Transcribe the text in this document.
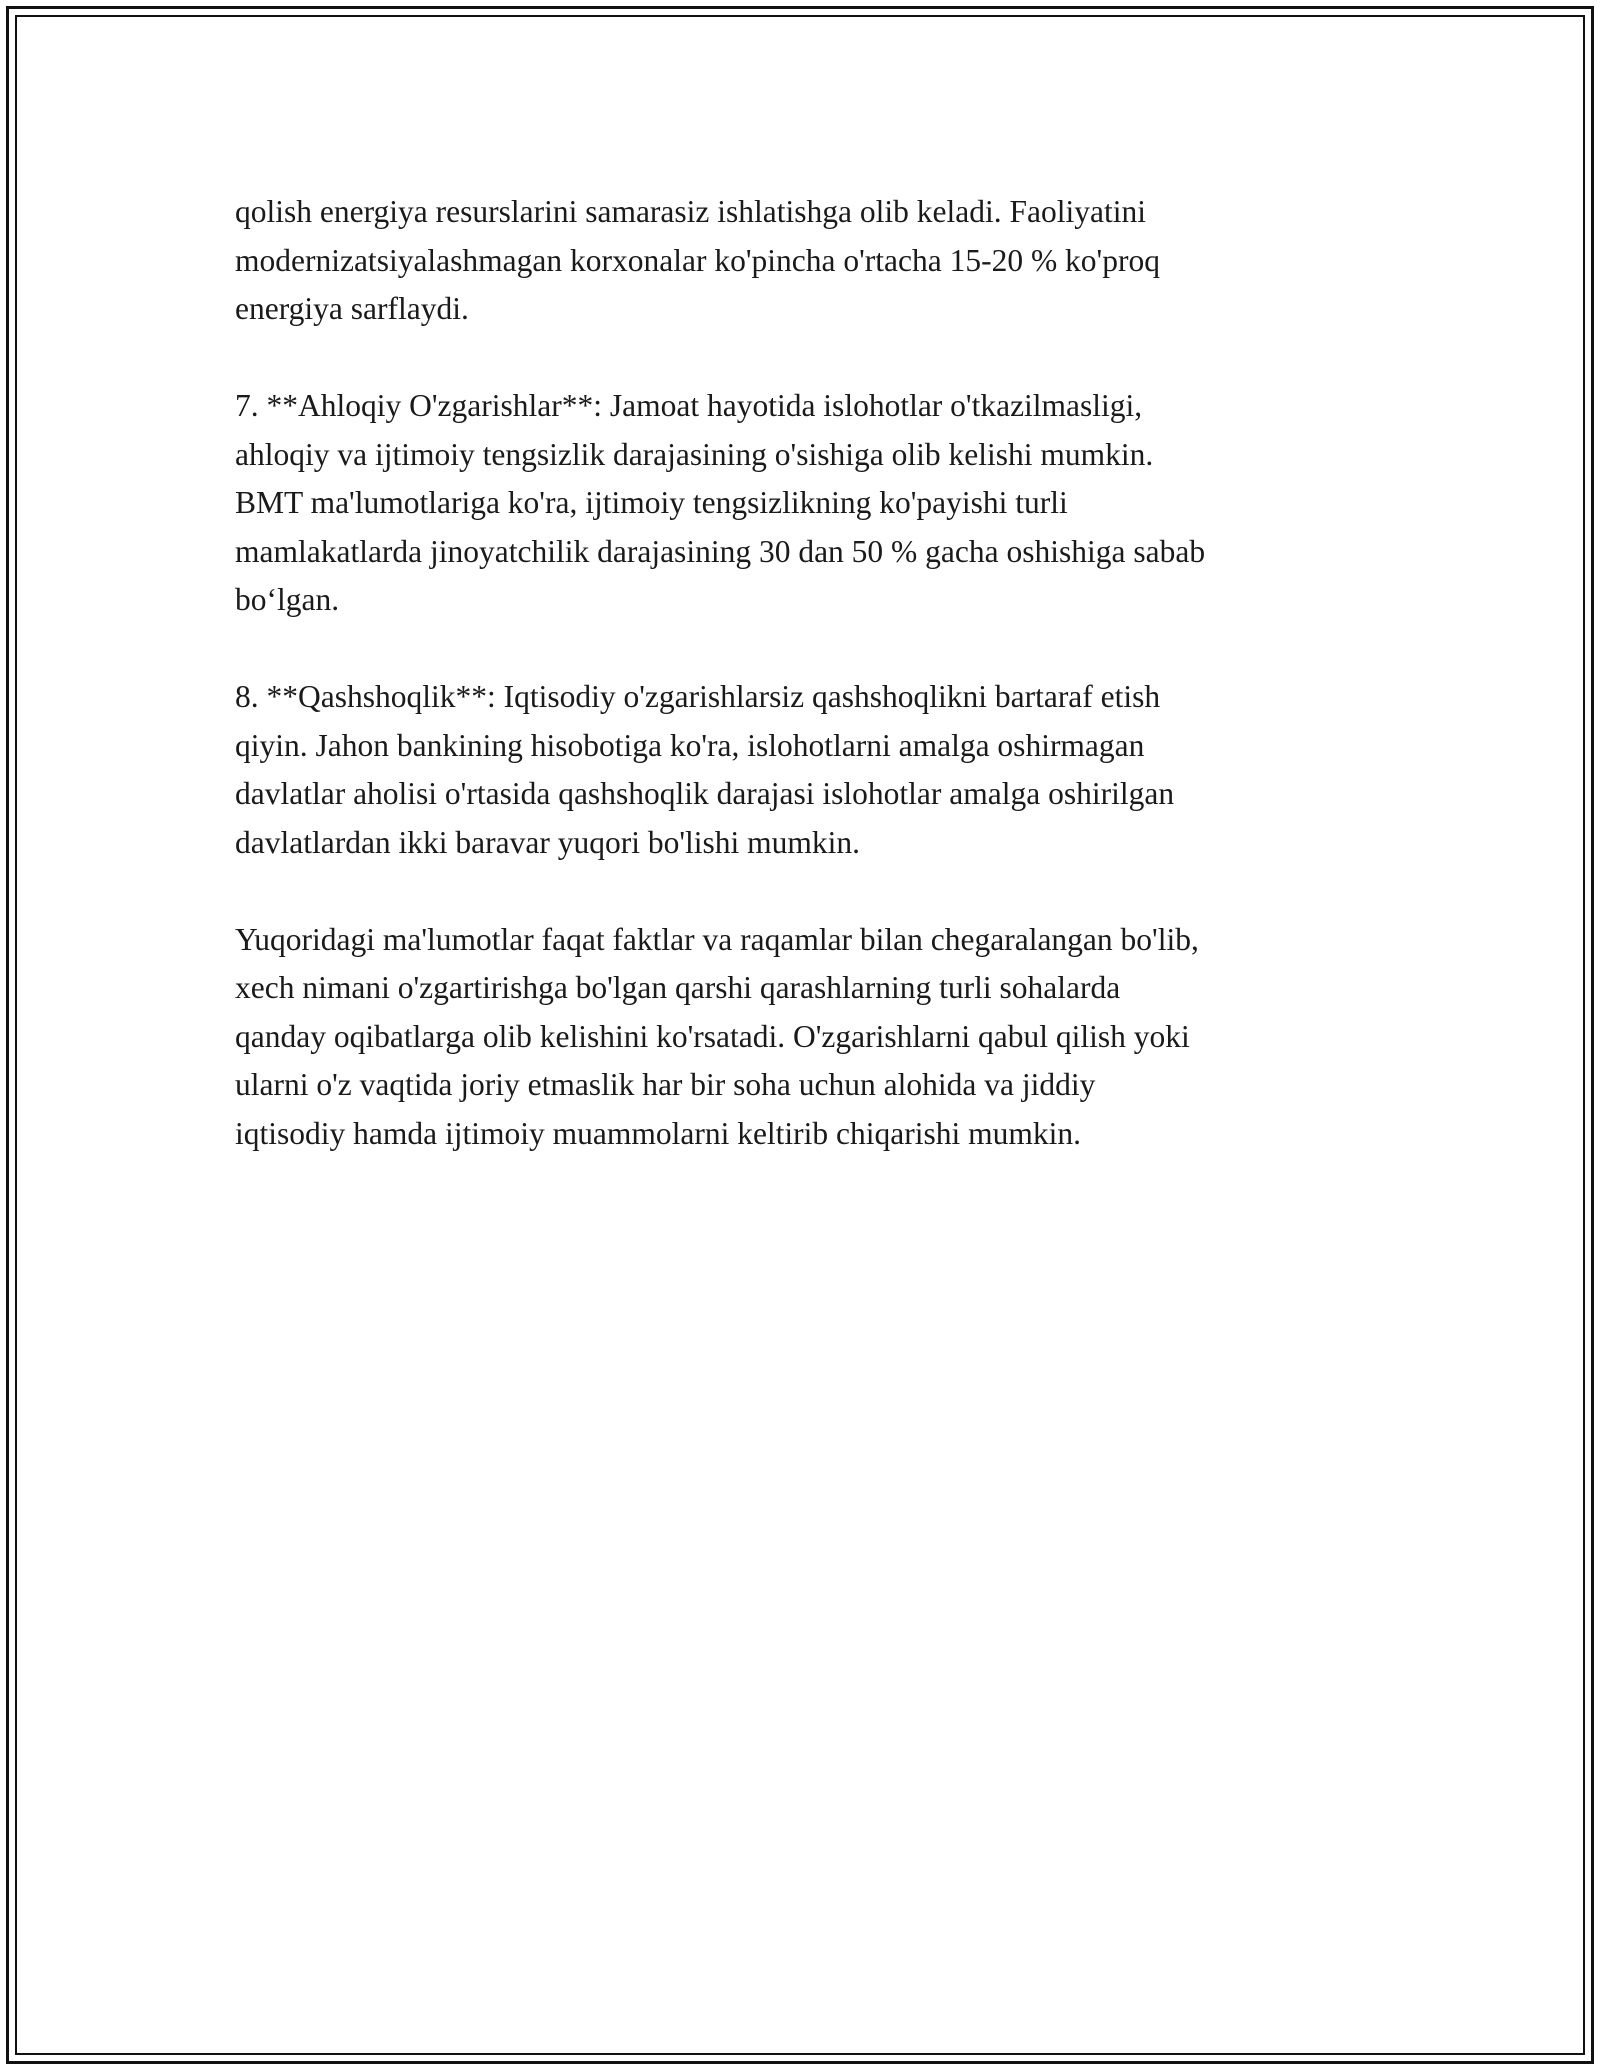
qolish energiya resurslarini samarasiz ishlatishga olib keladi. Faoliyatini
modernizatsiyalashmagan korxonalar ko'pincha o'rtacha 15-20 % ko'proq
energiya sarflaydi.

7. **Ahloqiy O'zgarishlar**: Jamoat hayotida islohotlar o'tkazilmasligi,
ahloqiy va ijtimoiy tengsizlik darajasining o'sishiga olib kelishi mumkin.
BMT ma'lumotlariga ko'ra, ijtimoiy tengsizlikning ko'payishi turli
mamlakatlarda jinoyatchilik darajasining 30 dan 50 % gacha oshishiga sabab
bo‘lgan.

8. **Qashshoqlik**: Iqtisodiy o'zgarishlarsiz qashshoqlikni bartaraf etish
qiyin. Jahon bankining hisobotiga ko'ra, islohotlarni amalga oshirmagan
davlatlar aholisi o'rtasida qashshoqlik darajasi islohotlar amalga oshirilgan
davlatlardan ikki baravar yuqori bo'lishi mumkin.

Yuqoridagi ma'lumotlar faqat faktlar va raqamlar bilan chegaralangan bo'lib,
xech nimani o'zgartirishga bo'lgan qarshi qarashlarning turli sohalarda
qanday oqibatlarga olib kelishini ko'rsatadi. O'zgarishlarni qabul qilish yoki
ularni o'z vaqtida joriy etmaslik har bir soha uchun alohida va jiddiy
iqtisodiy hamda ijtimoiy muammolarni keltirib chiqarishi mumkin.
